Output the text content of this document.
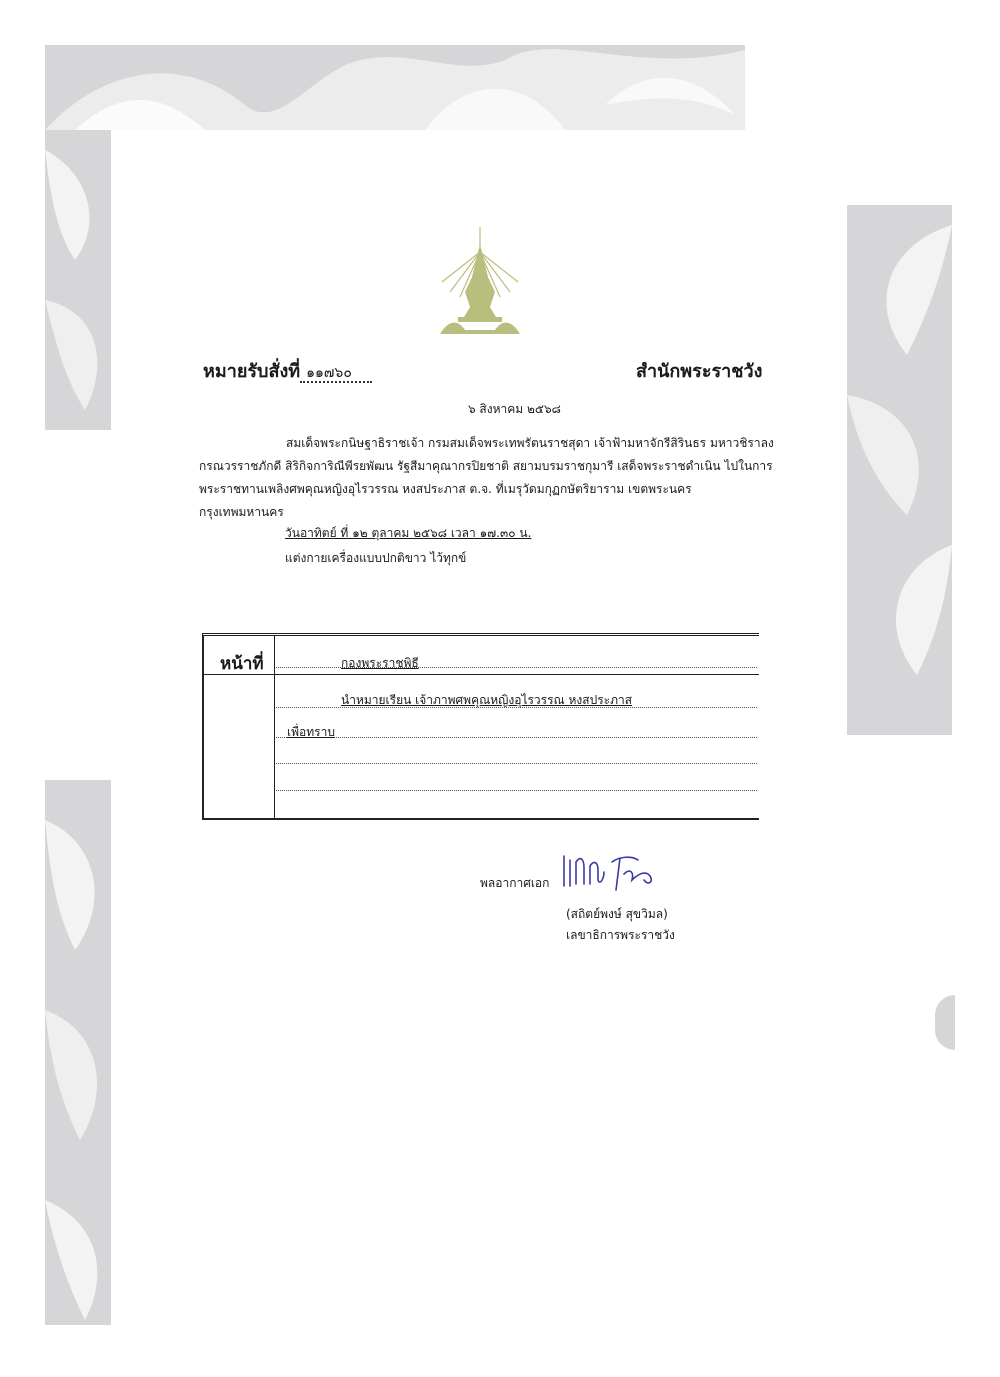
หมายรับสั่งที่ ๑๑๗๖๐	สำนักพระราชวัง
๖ สิงหาคม ๒๕๖๘
สมเด็จพระกนิษฐาธิราชเจ้า กรมสมเด็จพระเทพรัตนราชสุดา เจ้าฟ้ามหาจักรีสิรินธร มหาวชิราลงกรณวรราชภักดี สิริกิจการิณีพีรยพัฒน รัฐสีมาคุณากรปิยชาติ สยามบรมราชกุมารี เสด็จพระราชดำเนิน ไปในการพระราชทานเพลิงศพคุณหญิงอุไรวรรณ หงสประภาส ต.จ. ที่เมรุวัดมกุฏกษัตริยาราม เขตพระนคร กรุงเทพมหานคร
วันอาทิตย์ ที่ ๑๒ ตุลาคม ๒๕๖๘ เวลา ๑๗.๓๐ น.
แต่งกายเครื่องแบบปกติขาว ไว้ทุกข์
หน้าที่	กองพระราชพิธี
นำหมายเรียน เจ้าภาพศพคุณหญิงอุไรวรรณ หงสประภาส
เพื่อทราบ
พลอากาศเอก
(สถิตย์พงษ์ สุขวิมล)
เลขาธิการพระราชวัง
